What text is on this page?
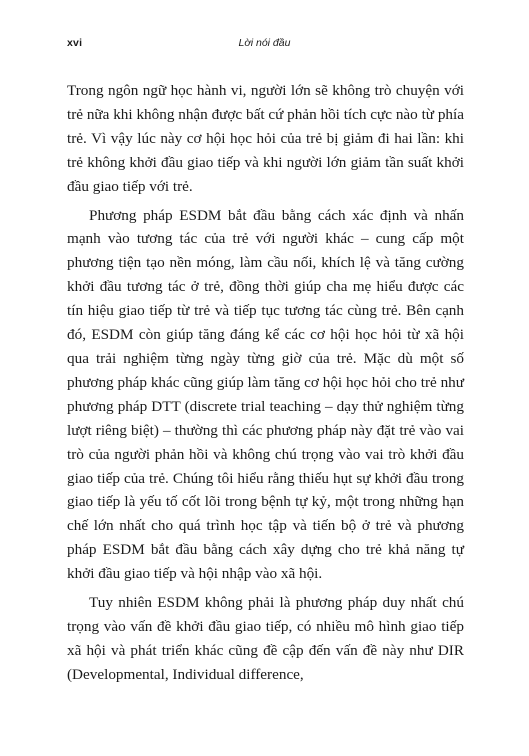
xvi	Lời nói đầu

Trong ngôn ngữ học hành vi, người lớn sẽ không trò chuyện với trẻ nữa khi không nhận được bất cứ phản hồi tích cực nào từ phía trẻ. Vì vậy lúc này cơ hội học hỏi của trẻ bị giảm đi hai lần: khi trẻ không khởi đầu giao tiếp và khi người lớn giảm tần suất khởi đầu giao tiếp với trẻ.

Phương pháp ESDM bắt đầu bằng cách xác định và nhấn mạnh vào tương tác của trẻ với người khác – cung cấp một phương tiện tạo nền móng, làm cầu nối, khích lệ và tăng cường khởi đầu tương tác ở trẻ, đồng thời giúp cha mẹ hiểu được các tín hiệu giao tiếp từ trẻ và tiếp tục tương tác cùng trẻ. Bên cạnh đó, ESDM còn giúp tăng đáng kể các cơ hội học hỏi từ xã hội qua trải nghiệm từng ngày từng giờ của trẻ. Mặc dù một số phương pháp khác cũng giúp làm tăng cơ hội học hỏi cho trẻ như phương pháp DTT (discrete trial teaching – dạy thử nghiệm từng lượt riêng biệt) – thường thì các phương pháp này đặt trẻ vào vai trò của người phản hồi và không chú trọng vào vai trò khởi đầu giao tiếp của trẻ. Chúng tôi hiểu rằng thiếu hụt sự khởi đầu trong giao tiếp là yếu tố cốt lõi trong bệnh tự kỷ, một trong những hạn chế lớn nhất cho quá trình học tập và tiến bộ ở trẻ và phương pháp ESDM bắt đầu bằng cách xây dựng cho trẻ khả năng tự khởi đầu giao tiếp và hội nhập vào xã hội.

Tuy nhiên ESDM không phải là phương pháp duy nhất chú trọng vào vấn đề khởi đầu giao tiếp, có nhiều mô hình giao tiếp xã hội và phát triển khác cũng đề cập đến vấn đề này như DIR (Developmental, Individual difference,
